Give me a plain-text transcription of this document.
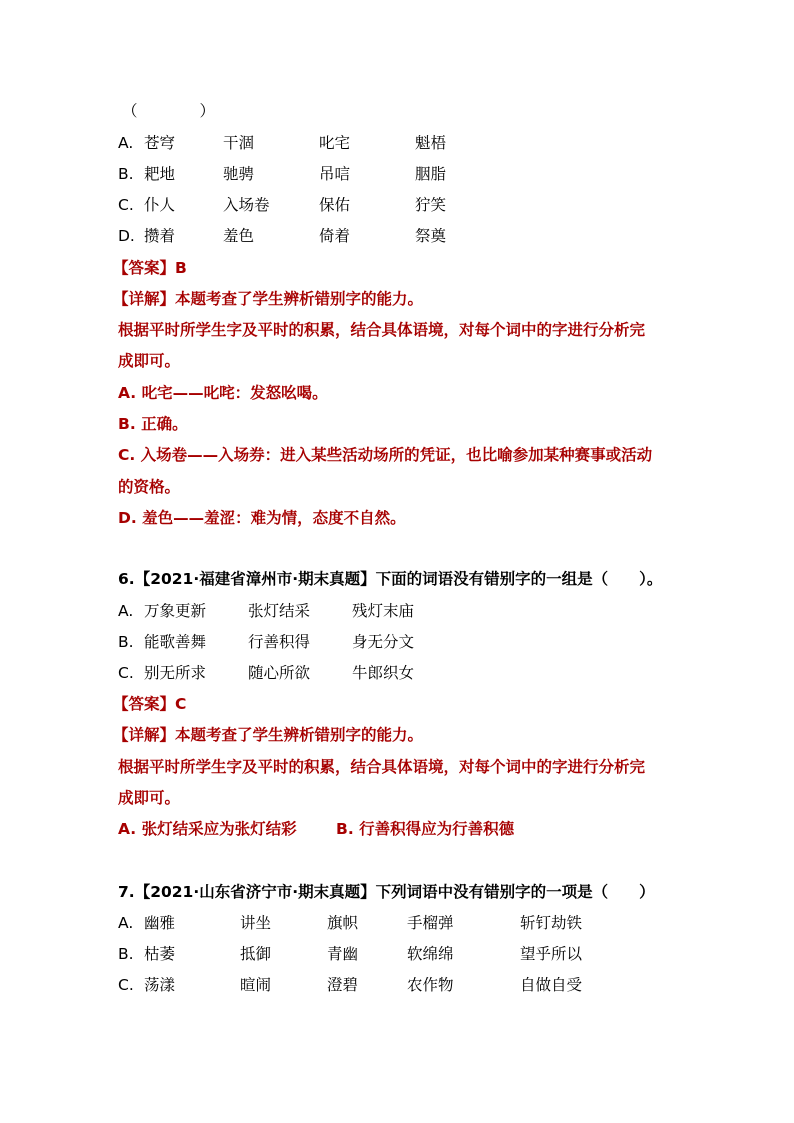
（　　　　）
A. 苍穹	干涸	叱宅	魁梧
B. 耙地	驰骋	吊唁	胭脂
C. 仆人	入场卷	保佑	狞笑
D. 攒着	羞色	倚着	祭奠
【答案】B
【详解】本题考查了学生辨析错别字的能力。
根据平时所学生字及平时的积累，结合具体语境，对每个词中的字进行分析完
成即可。
A. 叱宅——叱咤：发怒吆喝。
B. 正确。
C. 入场卷——入场券：进入某些活动场所的凭证，也比喻参加某种赛事或活动
的资格。
D. 羞色——羞涩：难为情，态度不自然。
6.【2021·福建省漳州市·期末真题】下面的词语没有错别字的一组是（　　）。
A. 万象更新	张灯结采	残灯末庙
B. 能歌善舞	行善积得	身无分文
C. 别无所求	随心所欲	牛郎织女
【答案】C
【详解】本题考查了学生辨析错别字的能力。
根据平时所学生字及平时的积累，结合具体语境，对每个词中的字进行分析完
成即可。
A. 张灯结采应为张灯结彩	B. 行善积得应为行善积德
7.【2021·山东省济宁市·期末真题】下列词语中没有错别字的一项是（　　）
A. 幽雅	讲坐	旗帜	手榴弹	斩钉劫铁
B. 枯萎	抵御	青幽	软绵绵	望乎所以
C. 荡漾	暄闹	澄碧	农作物	自做自受
